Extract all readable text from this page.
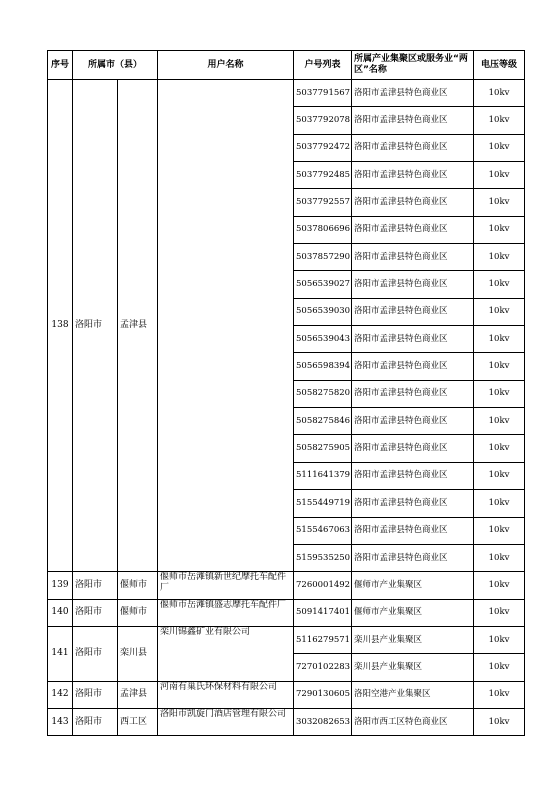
序号	所属市（县）		用户名称	户号列表	所属产业集聚区或服务业“两区”名称	电压等级
138	洛阳市	孟津县		5037791567	洛阳市孟津县特色商业区	10kv
				5037792078	洛阳市孟津县特色商业区	10kv
				5037792472	洛阳市孟津县特色商业区	10kv
				5037792485	洛阳市孟津县特色商业区	10kv
				5037792557	洛阳市孟津县特色商业区	10kv
				5037806696	洛阳市孟津县特色商业区	10kv
				5037857290	洛阳市孟津县特色商业区	10kv
				5056539027	洛阳市孟津县特色商业区	10kv
				5056539030	洛阳市孟津县特色商业区	10kv
				5056539043	洛阳市孟津县特色商业区	10kv
				5056598394	洛阳市孟津县特色商业区	10kv
				5058275820	洛阳市孟津县特色商业区	10kv
				5058275846	洛阳市孟津县特色商业区	10kv
				5058275905	洛阳市孟津县特色商业区	10kv
				5111641379	洛阳市孟津县特色商业区	10kv
				5155449719	洛阳市孟津县特色商业区	10kv
				5155467063	洛阳市孟津县特色商业区	10kv
				5159535250	洛阳市孟津县特色商业区	10kv
139	洛阳市	偃师市	偃师市岳滩镇新世纪摩托车配件厂	7260001492	偃师市产业集聚区	10kv
140	洛阳市	偃师市	偃师市岳滩镇盛志摩托车配件厂	5091417401	偃师市产业集聚区	10kv
141	洛阳市	栾川县	栾川锦鑫矿业有限公司	5116279571	栾川县产业集聚区	10kv
				7270102283	栾川县产业集聚区	10kv
142	洛阳市	孟津县	河南有巢氏环保材料有限公司	7290130605	洛阳空港产业集聚区	10kv
143	洛阳市	西工区	洛阳市凯旋门酒店管理有限公司	3032082653	洛阳市西工区特色商业区	10kv
